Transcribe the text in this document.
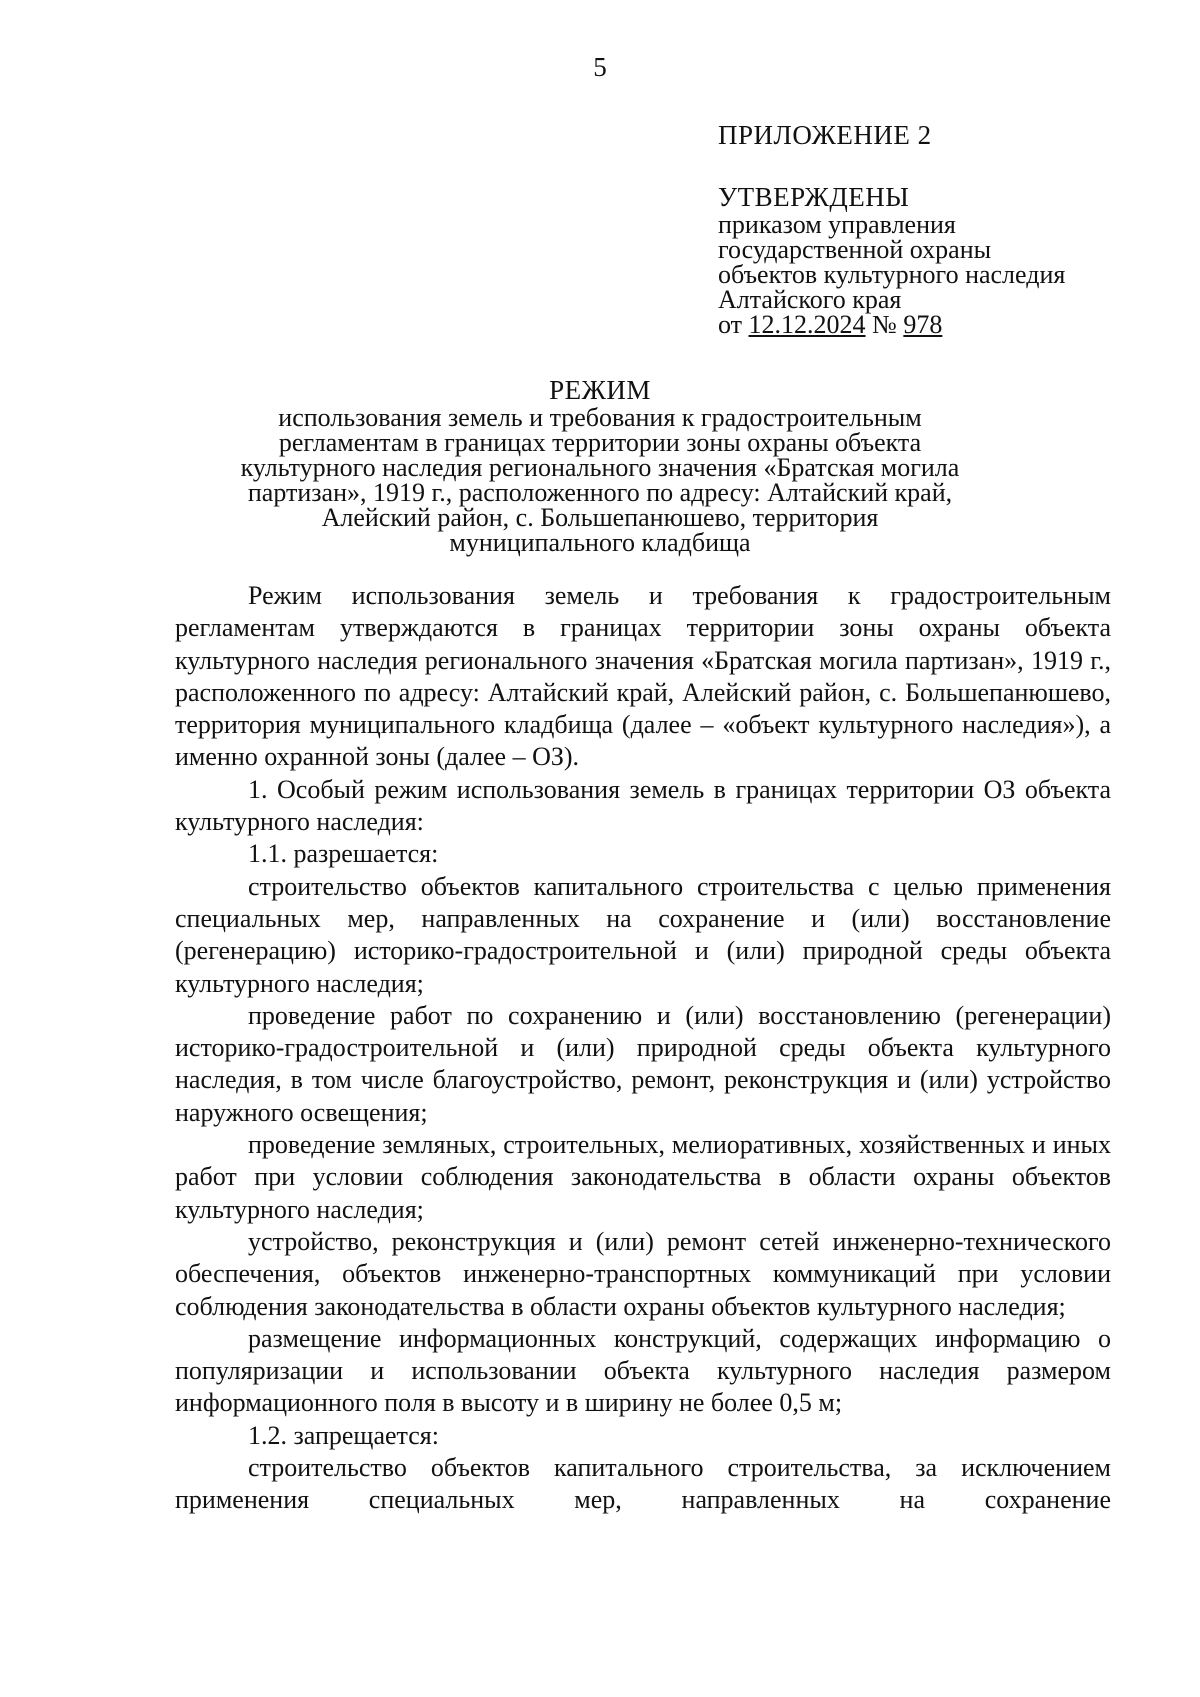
5
ПРИЛОЖЕНИЕ 2
УТВЕРЖДЕНЫ
приказом управления
государственной охраны
объектов культурного наследия
Алтайского края
от 12.12.2024 № 978
РЕЖИМ
использования земель и требования к градостроительным
регламентам в границах территории зоны охраны объекта
культурного наследия регионального значения «Братская могила
партизан», 1919 г., расположенного по адресу: Алтайский край,
Алейский район, с. Большепанюшево, территория
муниципального кладбища

Режим использования земель и требования к градостроительным регламентам утверждаются в границах территории зоны охраны объекта культурного наследия регионального значения «Братская могила партизан», 1919 г., расположенного по адресу: Алтайский край, Алейский район, с. Большепанюшево, территория муниципального кладбища (далее – «объект культурного наследия»), а именно охранной зоны (далее – ОЗ).

1. Особый режим использования земель в границах территории ОЗ объекта культурного наследия:

1.1. разрешается:

строительство объектов капитального строительства с целью применения специальных мер, направленных на сохранение и (или) восстановление (регенерацию) историко-градостроительной и (или) природной среды объекта культурного наследия;

проведение работ по сохранению и (или) восстановлению (регенерации) историко-градостроительной и (или) природной среды объекта культурного наследия, в том числе благоустройство, ремонт, реконструкция и (или) устройство наружного освещения;

проведение земляных, строительных, мелиоративных, хозяйственных и иных работ при условии соблюдения законодательства в области охраны объектов культурного наследия;

устройство, реконструкция и (или) ремонт сетей инженерно-технического обеспечения, объектов инженерно-транспортных коммуникаций при условии соблюдения законодательства в области охраны объектов культурного наследия;

размещение информационных конструкций, содержащих информацию о популяризации и использовании объекта культурного наследия размером информационного поля в высоту и в ширину не более 0,5 м;

1.2. запрещается:

строительство объектов капитального строительства, за исключением применения специальных мер, направленных на сохранение
